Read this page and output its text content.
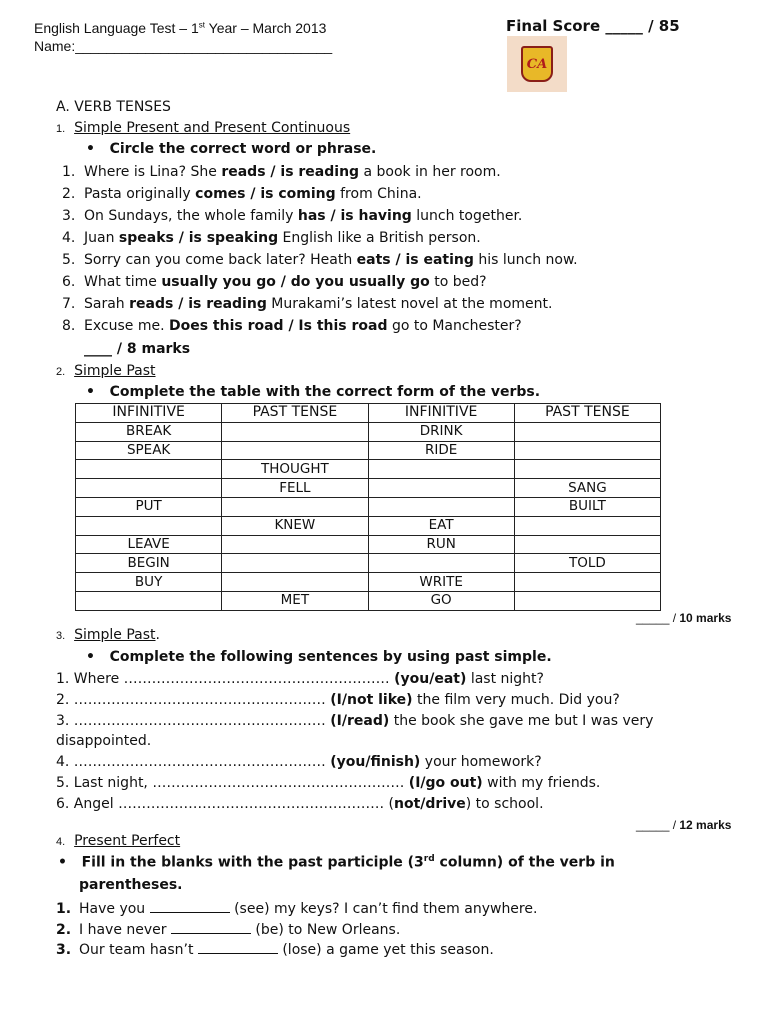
English Language Test – 1st Year – March 2013
Name:_________________________________
Final Score _____ / 85
CA
A. VERB TENSES
1. Simple Present and Present Continuous
•   Circle the correct word or phrase.
1. Where is Lina? She reads / is reading a book in her room.
2. Pasta originally comes / is coming from China.
3. On Sundays, the whole family has / is having lunch together.
4. Juan speaks / is speaking English like a British person.
5. Sorry can you come back later? Heath eats / is eating his lunch now.
6. What time usually you go / do you usually go to bed?
7. Sarah reads / is reading Murakami’s latest novel at the moment.
8. Excuse me. Does this road / Is this road go to Manchester?
____ / 8 marks
2. Simple Past
•   Complete the table with the correct form of the verbs.
INFINITIVE	PAST TENSE	INFINITIVE	PAST TENSE
BREAK		DRINK	
SPEAK		RIDE	
	THOUGHT		
	FELL		SANG
PUT			BUILT
	KNEW	EAT	
LEAVE		RUN	
BEGIN			TOLD
BUY		WRITE	
	MET	GO	
_____ / 10 marks
3. Simple Past.
•   Complete the following sentences by using past simple.
1. Where ………………………………………………… (you/eat) last night?
2. ……………………………………………… (I/not like) the film very much. Did you?
3. ……………………………………………… (I/read) the book she gave me but I was very
disappointed.
4. ……………………………………………… (you/finish) your homework?
5. Last night, ……………………………………………… (I/go out) with my friends.
6. Angel ………………………………………………… (not/drive) to school.
_____ / 12 marks
4. Present Perfect
•   Fill in the blanks with the past participle (3rd column) of the verb in
parentheses.
1. Have you	(see) my keys? I can’t find them anywhere.
2. I have never	(be) to New Orleans.
3. Our team hasn’t	(lose) a game yet this season.
